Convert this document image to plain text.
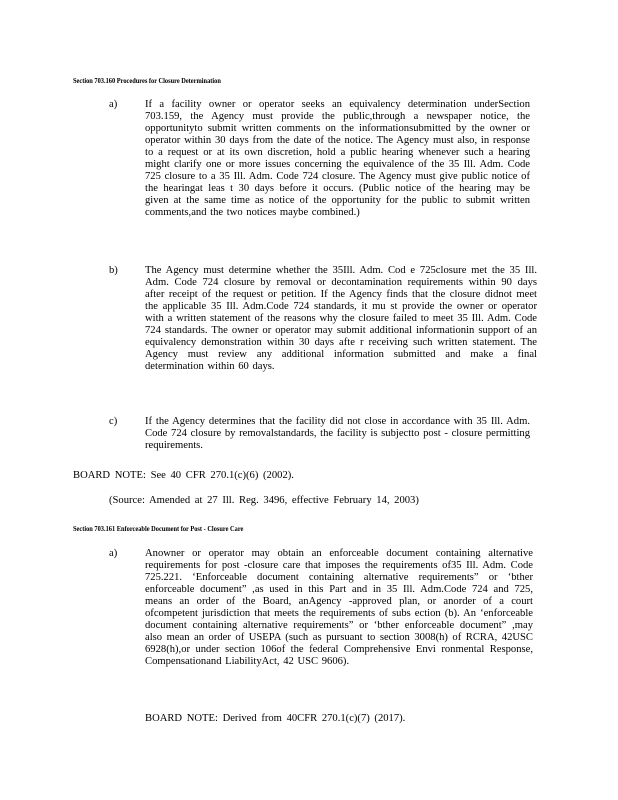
Section 703.160 Procedures for Closure Determination
a)	If a facility owner or operator seeks an equivalency determination underSection 703.159, the Agency must provide the public,through a newspaper notice, the opportunityto submit written comments on the informationsubmitted by the owner or operator within 30 days from the date of the notice. The Agency must also, in response to a request or at its own discretion, hold a public hearing whenever such a hearing might clarify one or more issues concerning the equivalence of the 35 Ill. Adm. Code 725 closure to a 35 Ill. Adm. Code 724 closure. The Agency must give public notice of the hearingat leas t 30 days before it occurs. (Public notice of the hearing may be given at the same time as notice of the opportunity for the public to submit written comments,and the two notices maybe combined.)
b)	The Agency must determine whether the 35Ill. Adm. Cod e 725closure met the 35 Ill. Adm. Code 724 closure by removal or decontamination requirements within 90 days after receipt of the request or petition. If the Agency finds that the closure didnot meet the applicable 35 Ill. Adm.Code 724 standards, it mu st provide the owner or operator with a written statement of the reasons why the closure failed to meet 35 Ill. Adm. Code 724 standards. The owner or operator may submit additional informationin support of an equivalency demonstration within 30 days afte r receiving such written statement. The Agency must review any additional information submitted and make a final determination within 60 days.
c)	If the Agency determines that the facility did not close in accordance with 35 Ill. Adm. Code 724 closure by removalstandards, the facility is subjectto post - closure permitting requirements.
BOARD NOTE: See 40 CFR 270.1(c)(6) (2002).
(Source: Amended at 27 Ill. Reg. 3496, effective February 14, 2003)
Section 703.161 Enforceable Document for Post - Closure Care
a)	Anowner or operator may obtain an enforceable document containing alternative requirements for post -closure care that imposes the requirements of35 Ill. Adm. Code 725.221. ‘Enforceable document containing alternative requirements” or ‘bther enforceable document” ,as used in this Part and in 35 Ill. Adm.Code 724 and 725, means an order of the Board, anAgency -approved plan, or anorder of a court ofcompetent jurisdiction that meets the requirements of subs ection (b). An ‘enforceable document containing alternative requirements” or ‘bther enforceable document” ,may also mean an order of USEPA (such as pursuant to section 3008(h) of RCRA, 42USC 6928(h),or under section 106of the federal Comprehensive Envi ronmental Response, Compensationand LiabilityAct, 42 USC 9606).
BOARD NOTE: Derived from 40CFR 270.1(c)(7) (2017).
